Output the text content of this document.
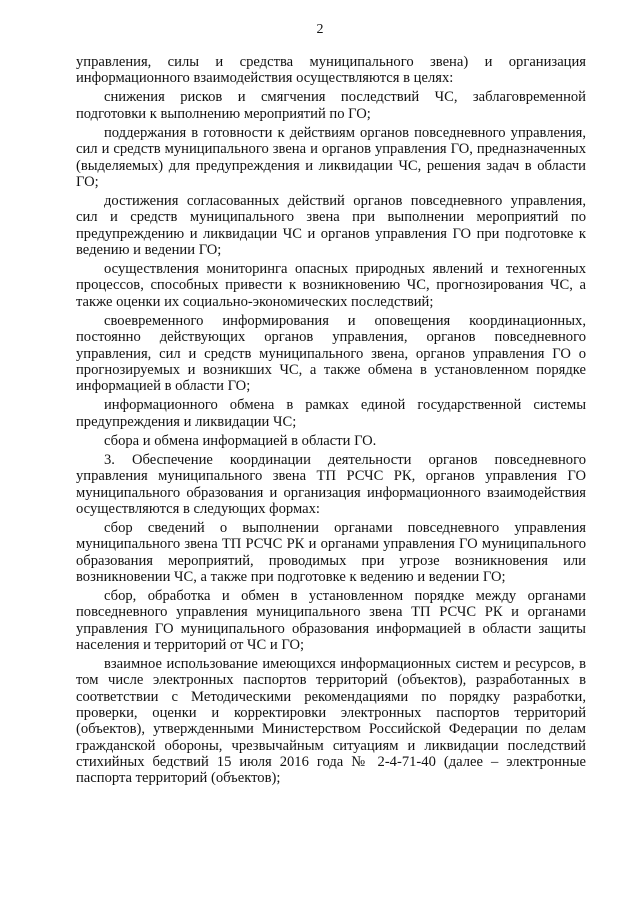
2

управления, силы и средства муниципального звена) и организация информационного взаимодействия осуществляются в целях:

снижения рисков и смягчения последствий ЧС, заблаговременной подготовки к выполнению мероприятий по ГО;

поддержания в готовности к действиям органов повседневного управления, сил и средств муниципального звена и органов управления ГО, предназначенных (выделяемых) для предупреждения и ликвидации ЧС, решения задач в области ГО;

достижения согласованных действий органов повседневного управления, сил и средств муниципального звена при выполнении мероприятий по предупреждению и ликвидации ЧС и органов управления ГО при подготовке к ведению и ведении ГО;

осуществления мониторинга опасных природных явлений и техногенных процессов, способных привести к возникновению ЧС, прогнозирования ЧС, а также оценки их социально-экономических последствий;

своевременного информирования и оповещения координационных, постоянно действующих органов управления, органов повседневного управления, сил и средств муниципального звена, органов управления ГО о прогнозируемых и возникших ЧС, а также обмена в установленном порядке информацией в области ГО;

информационного обмена в рамках единой государственной системы предупреждения и ликвидации ЧС;

сбора и обмена информацией в области ГО.

3. Обеспечение координации деятельности органов повседневного управления муниципального звена ТП РСЧС РК, органов управления ГО муниципального образования и организация информационного взаимодействия осуществляются в следующих формах:

сбор сведений о выполнении органами повседневного управления муниципального звена ТП РСЧС РК и органами управления ГО муниципального образования мероприятий, проводимых при угрозе возникновения или возникновении ЧС, а также при подготовке к ведению и ведении ГО;

сбор, обработка и обмен в установленном порядке между органами повседневного управления муниципального звена ТП РСЧС РК и органами управления ГО муниципального образования информацией в области защиты населения и территорий от ЧС и ГО;

взаимное использование имеющихся информационных систем и ресурсов, в том числе электронных паспортов территорий (объектов), разработанных в соответствии с Методическими рекомендациями по порядку разработки, проверки, оценки и корректировки электронных паспортов территорий (объектов), утвержденными Министерством Российской Федерации по делам гражданской обороны, чрезвычайным ситуациям и ликвидации последствий стихийных бедствий 15 июля 2016 года № 2-4-71-40 (далее – электронные паспорта территорий (объектов);
